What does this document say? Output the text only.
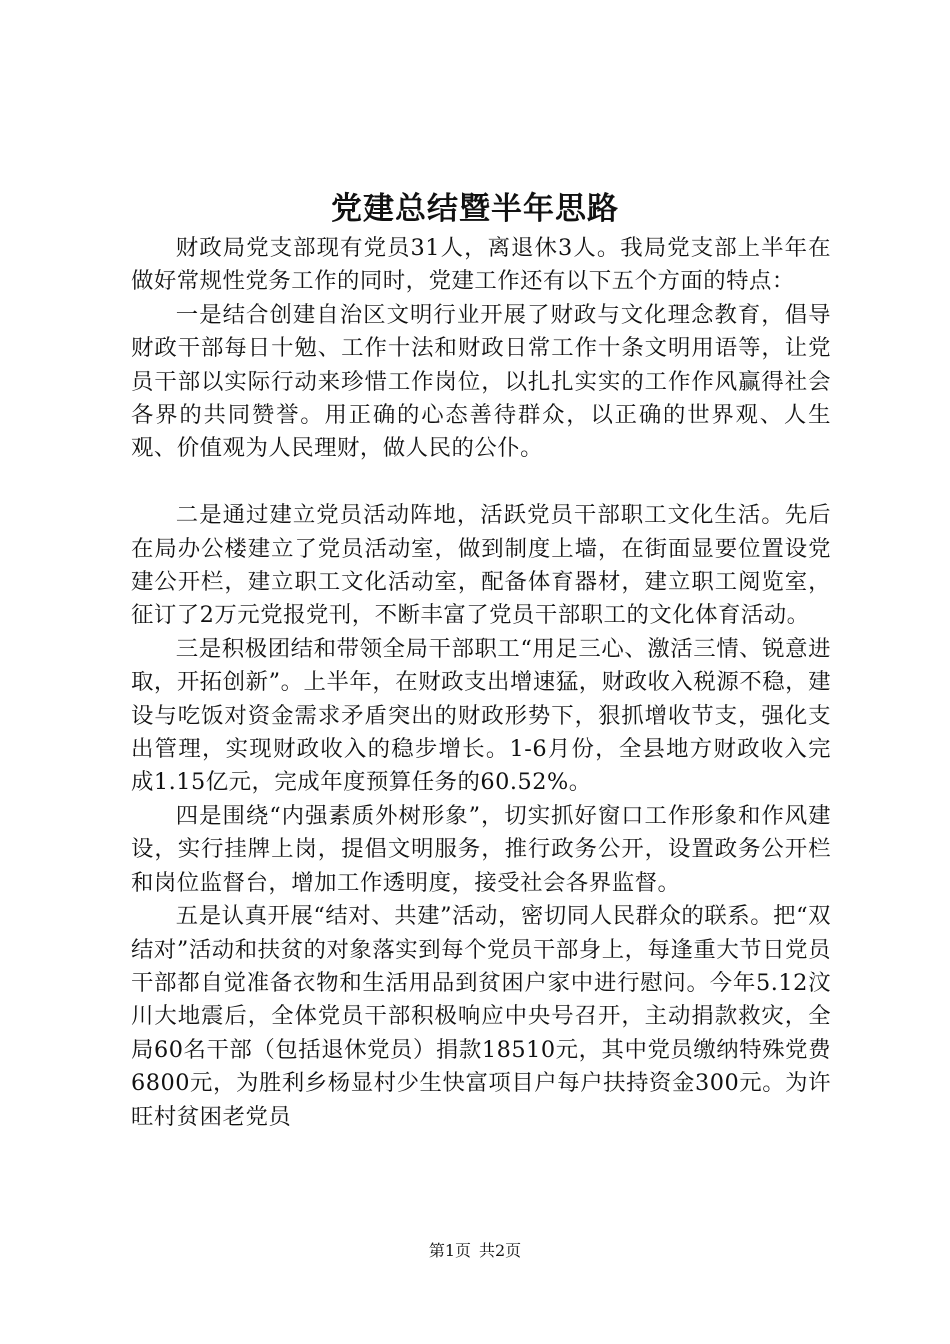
党建总结暨半年思路

财政局党支部现有党员31人，离退休3人。我局党支部上半年在做好常规性党务工作的同时，党建工作还有以下五个方面的特点：

一是结合创建自治区文明行业开展了财政与文化理念教育，倡导财政干部每日十勉、工作十法和财政日常工作十条文明用语等，让党员干部以实际行动来珍惜工作岗位，以扎扎实实的工作作风赢得社会各界的共同赞誉。用正确的心态善待群众，以正确的世界观、人生观、价值观为人民理财，做人民的公仆。

二是通过建立党员活动阵地，活跃党员干部职工文化生活。先后在局办公楼建立了党员活动室，做到制度上墙，在街面显要位置设党建公开栏，建立职工文化活动室，配备体育器材，建立职工阅览室，征订了2万元党报党刊，不断丰富了党员干部职工的文化体育活动。

三是积极团结和带领全局干部职工“用足三心、激活三情、锐意进取，开拓创新”。上半年，在财政支出增速猛，财政收入税源不稳，建设与吃饭对资金需求矛盾突出的财政形势下，狠抓增收节支，强化支出管理，实现财政收入的稳步增长。1-6月份，全县地方财政收入完成1.15亿元，完成年度预算任务的60.52%。

四是围绕“内强素质外树形象”，切实抓好窗口工作形象和作风建设，实行挂牌上岗，提倡文明服务，推行政务公开，设置政务公开栏和岗位监督台，增加工作透明度，接受社会各界监督。

五是认真开展“结对、共建”活动，密切同人民群众的联系。把“双结对”活动和扶贫的对象落实到每个党员干部身上，每逢重大节日党员干部都自觉准备衣物和生活用品到贫困户家中进行慰问。今年5.12汶川大地震后，全体党员干部积极响应中央号召开，主动捐款救灾，全局60名干部（包括退休党员）捐款18510元，其中党员缴纳特殊党费6800元，为胜利乡杨显村少生快富项目户每户扶持资金300元。为许旺村贫困老党员

第1页 共2页
